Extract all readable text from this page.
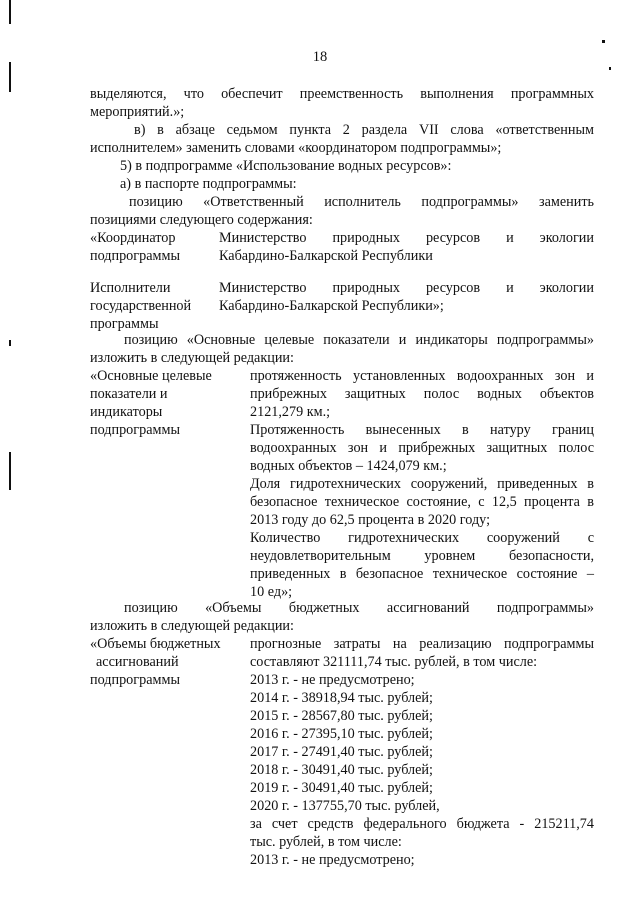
18
выделяются, что обеспечит преемственность выполнения программных
мероприятий.»;
в) в абзаце седьмом пункта 2 раздела VII слова «ответственным
исполнителем» заменить словами «координатором подпрограммы»;
5) в подпрограмме «Использование водных ресурсов»:
а) в паспорте подпрограммы:
позицию «Ответственный исполнитель подпрограммы» заменить
позициями следующего содержания:
«Координатор
подпрограммы
Министерство природных ресурсов и экологии
Кабардино-Балкарской Республики
Исполнители
государственной
программы
Министерство природных ресурсов и экологии
Кабардино-Балкарской Республики»;
позицию «Основные целевые показатели и индикаторы подпрограммы»
изложить в следующей редакции:
«Основные целевые
показатели и
индикаторы
подпрограммы
протяженность установленных водоохранных зон и
прибрежных защитных полос водных объектов
2121,279 км.;
Протяженность вынесенных в натуру границ
водоохранных зон и прибрежных защитных полос
водных объектов – 1424,079 км.;
Доля гидротехнических сооружений, приведенных в
безопасное техническое состояние, с 12,5 процента в
2013 году до 62,5 процента в 2020 году;
Количество гидротехнических сооружений с
неудовлетворительным уровнем безопасности,
приведенных в безопасное техническое состояние –
10 ед»;
позицию «Объемы бюджетных ассигнований подпрограммы»
изложить в следующей редакции:
«Объемы бюджетных
ассигнований
подпрограммы
прогнозные затраты на реализацию подпрограммы
составляют 321111,74 тыс. рублей, в том числе:
2013 г. - не предусмотрено;
2014 г. - 38918,94 тыс. рублей;
2015 г. - 28567,80 тыс. рублей;
2016 г. - 27395,10 тыс. рублей;
2017 г. - 27491,40 тыс. рублей;
2018 г. - 30491,40 тыс. рублей;
2019 г. - 30491,40 тыс. рублей;
2020 г. - 137755,70 тыс. рублей,
за счет средств федерального бюджета - 215211,74
тыс. рублей, в том числе:
2013 г. - не предусмотрено;
